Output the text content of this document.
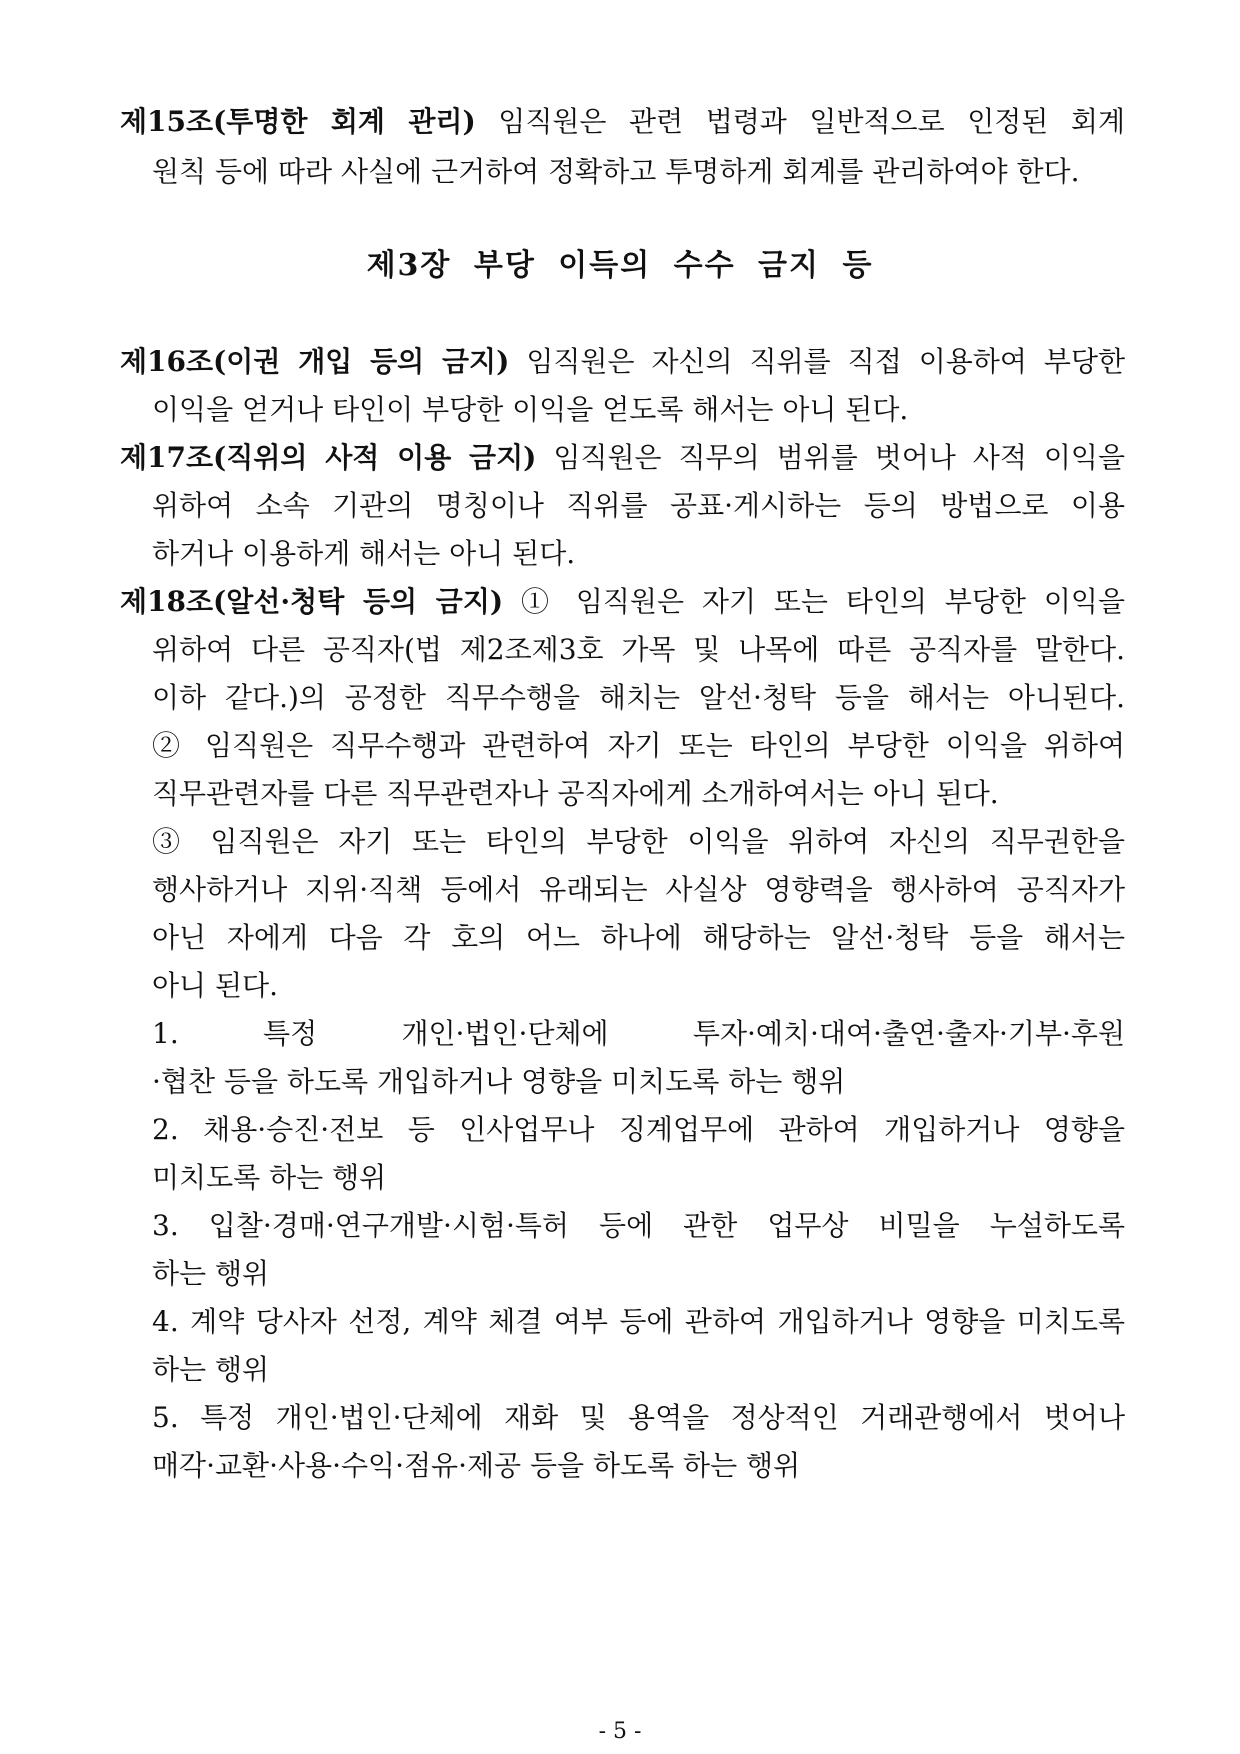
제15조(투명한 회계 관리) 임직원은 관련 법령과 일반적으로 인정된 회계
원칙 등에 따라 사실에 근거하여 정확하고 투명하게 회계를 관리하여야 한다.
제3장 부당 이득의 수수 금지 등
제16조(이권 개입 등의 금지) 임직원은 자신의 직위를 직접 이용하여 부당한
이익을 얻거나 타인이 부당한 이익을 얻도록 해서는 아니 된다.
제17조(직위의 사적 이용 금지) 임직원은 직무의 범위를 벗어나 사적 이익을
위하여 소속 기관의 명칭이나 직위를 공표·게시하는 등의 방법으로 이용
하거나 이용하게 해서는 아니 된다.
제18조(알선·청탁 등의 금지) ① 임직원은 자기 또는 타인의 부당한 이익을
위하여 다른 공직자(법 제2조제3호 가목 및 나목에 따른 공직자를 말한다.
이하 같다.)의 공정한 직무수행을 해치는 알선·청탁 등을 해서는 아니된다.
② 임직원은 직무수행과 관련하여 자기 또는 타인의 부당한 이익을 위하여
직무관련자를 다른 직무관련자나 공직자에게 소개하여서는 아니 된다.
③ 임직원은 자기 또는 타인의 부당한 이익을 위하여 자신의 직무권한을
행사하거나 지위·직책 등에서 유래되는 사실상 영향력을 행사하여 공직자가
아닌 자에게 다음 각 호의 어느 하나에 해당하는 알선·청탁 등을 해서는
아니 된다.
1. 특정 개인·법인·단체에 투자·예치·대여·출연·출자·기부·후원
·협찬 등을 하도록 개입하거나 영향을 미치도록 하는 행위
2. 채용·승진·전보 등 인사업무나 징계업무에 관하여 개입하거나 영향을
미치도록 하는 행위
3. 입찰·경매·연구개발·시험·특허 등에 관한 업무상 비밀을 누설하도록
하는 행위
4. 계약 당사자 선정, 계약 체결 여부 등에 관하여 개입하거나 영향을 미치도록
하는 행위
5. 특정 개인·법인·단체에 재화 및 용역을 정상적인 거래관행에서 벗어나
매각·교환·사용·수익·점유·제공 등을 하도록 하는 행위
- 5 -
